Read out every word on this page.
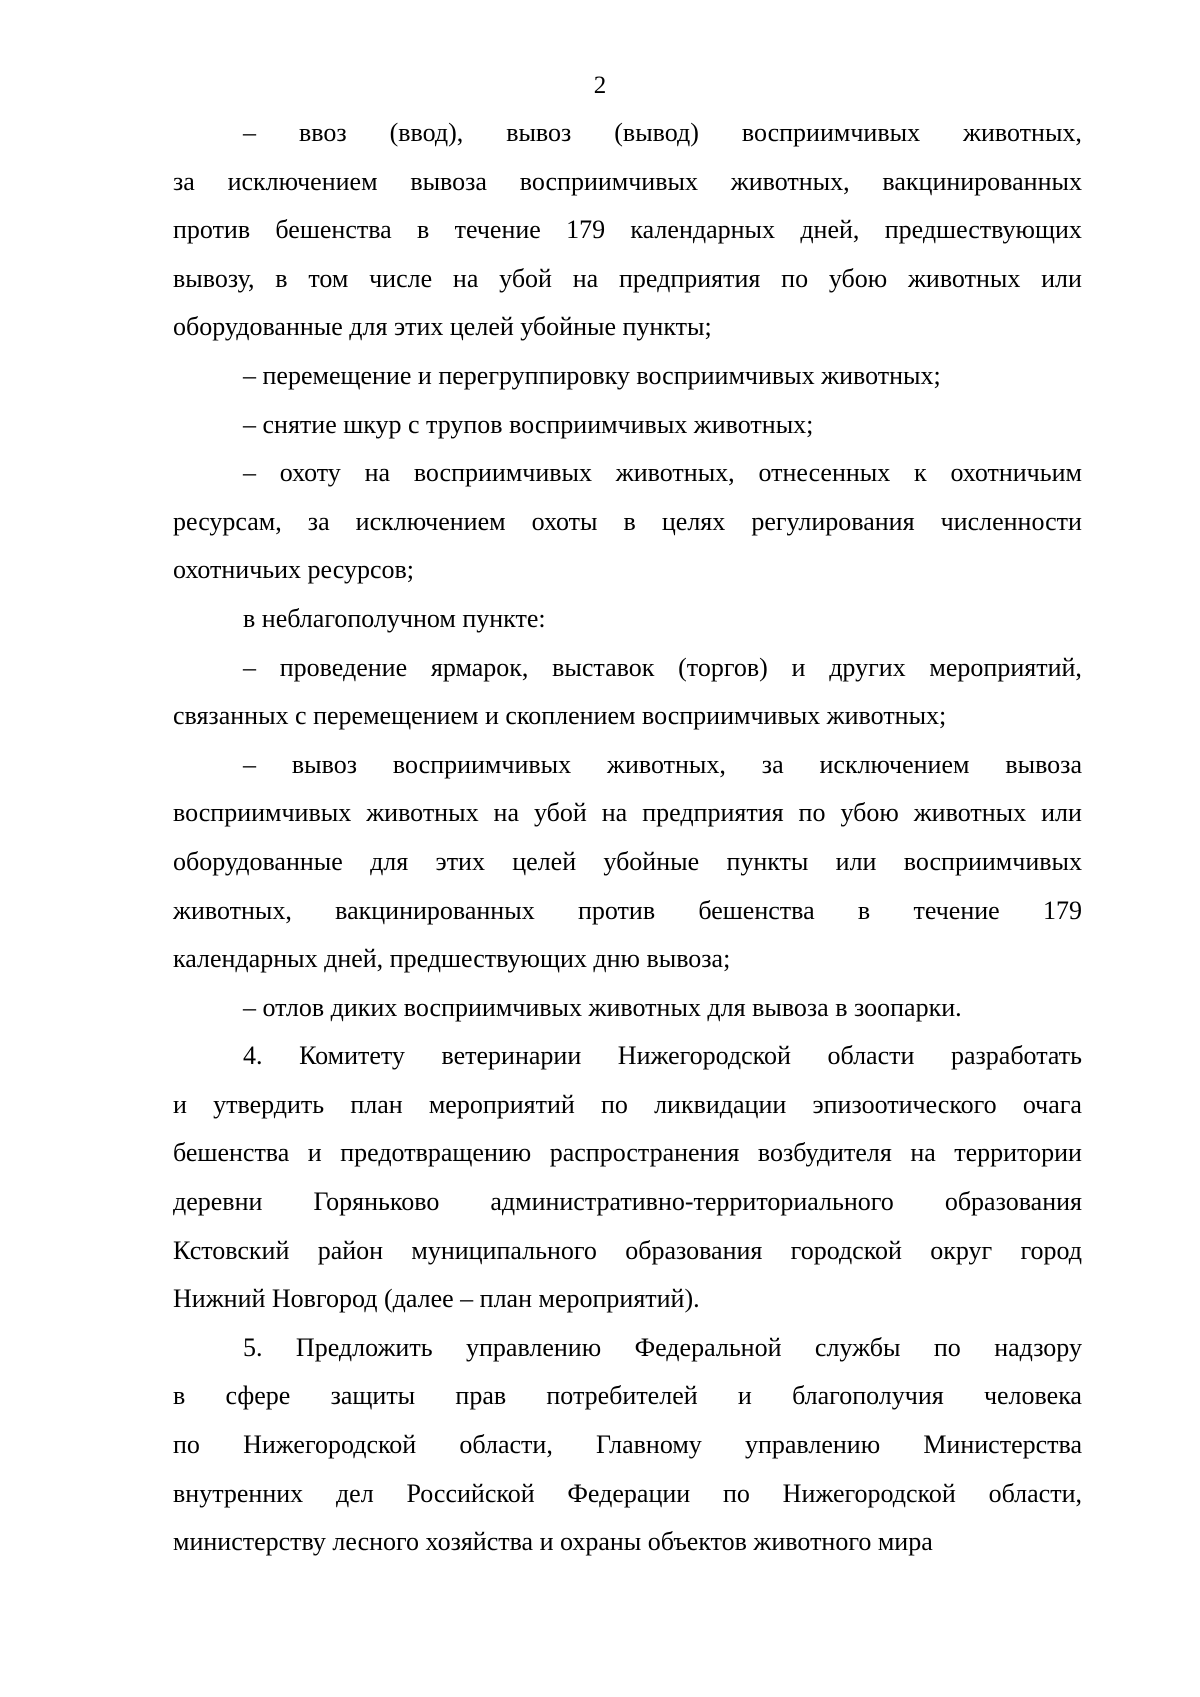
2
– ввоз (ввод), вывоз (вывод) восприимчивых животных,
за исключением вывоза восприимчивых животных, вакцинированных
против бешенства в течение 179 календарных дней, предшествующих
вывозу, в том числе на убой на предприятия по убою животных или
оборудованные для этих целей убойные пункты;
– перемещение и перегруппировку восприимчивых животных;
– снятие шкур с трупов восприимчивых животных;
– охоту на восприимчивых животных, отнесенных к охотничьим
ресурсам, за исключением охоты в целях регулирования численности
охотничьих ресурсов;
в неблагополучном пункте:
– проведение ярмарок, выставок (торгов) и других мероприятий,
связанных с перемещением и скоплением восприимчивых животных;
– вывоз восприимчивых животных, за исключением вывоза
восприимчивых животных на убой на предприятия по убою животных или
оборудованные для этих целей убойные пункты или восприимчивых
животных, вакцинированных против бешенства в течение 179
календарных дней, предшествующих дню вывоза;
– отлов диких восприимчивых животных для вывоза в зоопарки.
4. Комитету ветеринарии Нижегородской области разработать
и утвердить план мероприятий по ликвидации эпизоотического очага
бешенства и предотвращению распространения возбудителя на территории
деревни Горяньково административно-территориального образования
Кстовский район муниципального образования городской округ город
Нижний Новгород (далее – план мероприятий).
5. Предложить управлению Федеральной службы по надзору
в сфере защиты прав потребителей и благополучия человека
по Нижегородской области, Главному управлению Министерства
внутренних дел Российской Федерации по Нижегородской области,
министерству лесного хозяйства и охраны объектов животного мира
